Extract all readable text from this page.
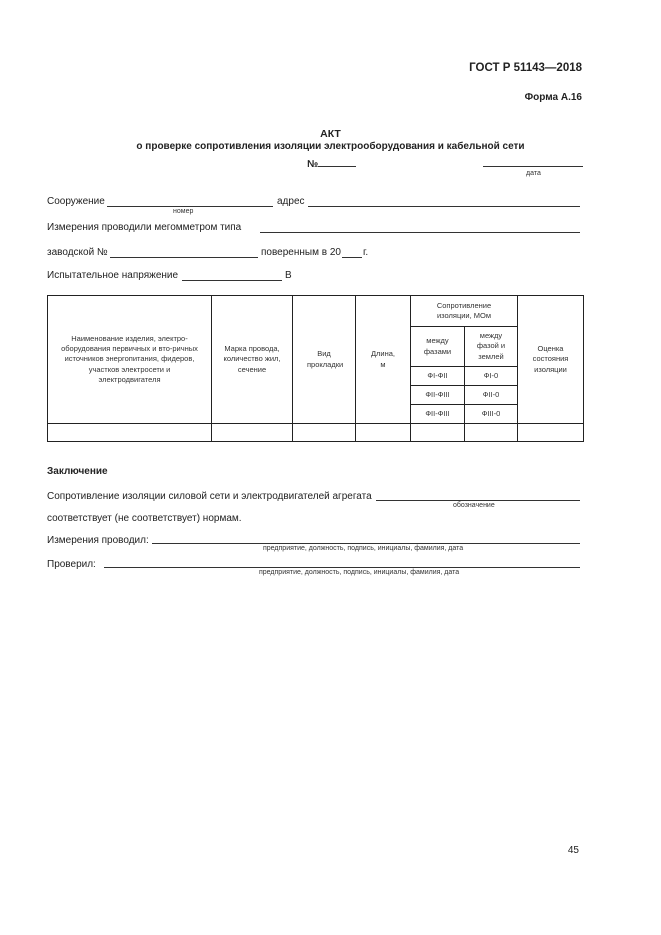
ГОСТ Р 51143—2018
Форма А.16
АКТ
о проверке сопротивления изоляции электрооборудования и кабельной сети
№
дата
Сооружение
номер
адрес
Измерения проводили мегомметром типа
заводской №	поверенным в 20 г.
Испытательное напряжение	В
Наименование изделия, электро-оборудования первичных и вто-ричных источников энергопитания, фидеров, участков электросети и электродвигателя	Марка провода, количество жил, сечение	Вид прокладки	Длина, м	Сопротивление изоляции, МОм		Оценка состояния изоляции
				между фазами	между фазой и землей	
				ФI-ФII	ФI-0	
				ФII-ФIII	ФII-0	
				ФII-ФIII	ФIII-0	

Заключение
Сопротивление изоляции силовой сети и электродвигателей агрегата
обозначение
соответствует (не соответствует) нормам.
Измерения проводил:
предприятие, должность, подпись, инициалы, фамилия, дата
Проверил:
предприятие, должность, подпись, инициалы, фамилия, дата
45
